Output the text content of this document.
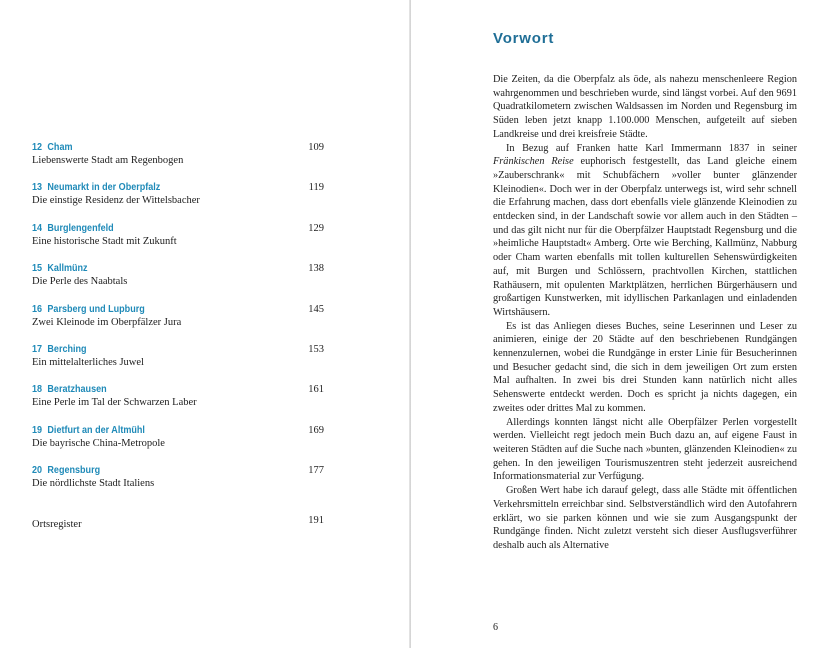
12 Cham
Liebenswerte Stadt am Regenbogen
109
13 Neumarkt in der Oberpfalz
Die einstige Residenz der Wittelsbacher
119
14 Burglengenfeld
Eine historische Stadt mit Zukunft
129
15 Kallmünz
Die Perle des Naabtals
138
16 Parsberg und Lupburg
Zwei Kleinode im Oberpfälzer Jura
145
17 Berching
Ein mittelalterliches Juwel
153
18 Beratzhausen
Eine Perle im Tal der Schwarzen Laber
161
19 Dietfurt an der Altmühl
Die bayrische China-Metropole
169
20 Regensburg
Die nördlichste Stadt Italiens
177
Ortsregister	191
Vorwort

Die Zeiten, da die Oberpfalz als öde, als nahezu menschenleere Region wahrgenommen und beschrieben wurde, sind längst vorbei. Auf den 9691 Quadratkilometern zwischen Waldsassen im Norden und Regensburg im Süden leben jetzt knapp 1.100.000 Menschen, aufgeteilt auf sieben Landkreise und drei kreisfreie Städte.

In Bezug auf Franken hatte Karl Immermann 1837 in seiner Fränkischen Reise euphorisch festgestellt, das Land gleiche einem »Zauberschrank« mit Schubfächern »voller bunter glänzender Kleinodien«. Doch wer in der Oberpfalz unterwegs ist, wird sehr schnell die Erfahrung machen, dass dort ebenfalls viele glänzende Kleinodien zu entdecken sind, in der Landschaft sowie vor allem auch in den Städten – und das gilt nicht nur für die Oberpfälzer Hauptstadt Regensburg und die »heimliche Hauptstadt« Amberg. Orte wie Berching, Kallmünz, Nabburg oder Cham warten ebenfalls mit tollen kulturellen Sehenswürdigkeiten auf, mit Burgen und Schlössern, prachtvollen Kirchen, stattlichen Rathäusern, mit opulenten Marktplätzen, herrlichen Bürgerhäusern und großartigen Kunstwerken, mit idyllischen Parkanlagen und einladenden Wirtshäusern.

Es ist das Anliegen dieses Buches, seine Leserinnen und Leser zu animieren, einige der 20 Städte auf den beschriebenen Rundgängen kennenzulernen, wobei die Rundgänge in erster Linie für Besucherinnen und Besucher gedacht sind, die sich in dem jeweiligen Ort zum ersten Mal aufhalten. In zwei bis drei Stunden kann natürlich nicht alles Sehenswerte entdeckt werden. Doch es spricht ja nichts dagegen, ein zweites oder drittes Mal zu kommen.

Allerdings konnten längst nicht alle Oberpfälzer Perlen vorgestellt werden. Vielleicht regt jedoch mein Buch dazu an, auf eigene Faust in weiteren Städten auf die Suche nach »bunten, glänzenden Kleinodien« zu gehen. In den jeweiligen Tourismuszentren steht jederzeit ausreichend Informationsmaterial zur Verfügung.

Großen Wert habe ich darauf gelegt, dass alle Städte mit öffentlichen Verkehrsmitteln erreichbar sind. Selbstverständlich wird den Autofahrern erklärt, wo sie parken können und wie sie zum Ausgangspunkt der Rundgänge finden. Nicht zuletzt versteht sich dieser Ausflugsverführer deshalb auch als Alternative

6
